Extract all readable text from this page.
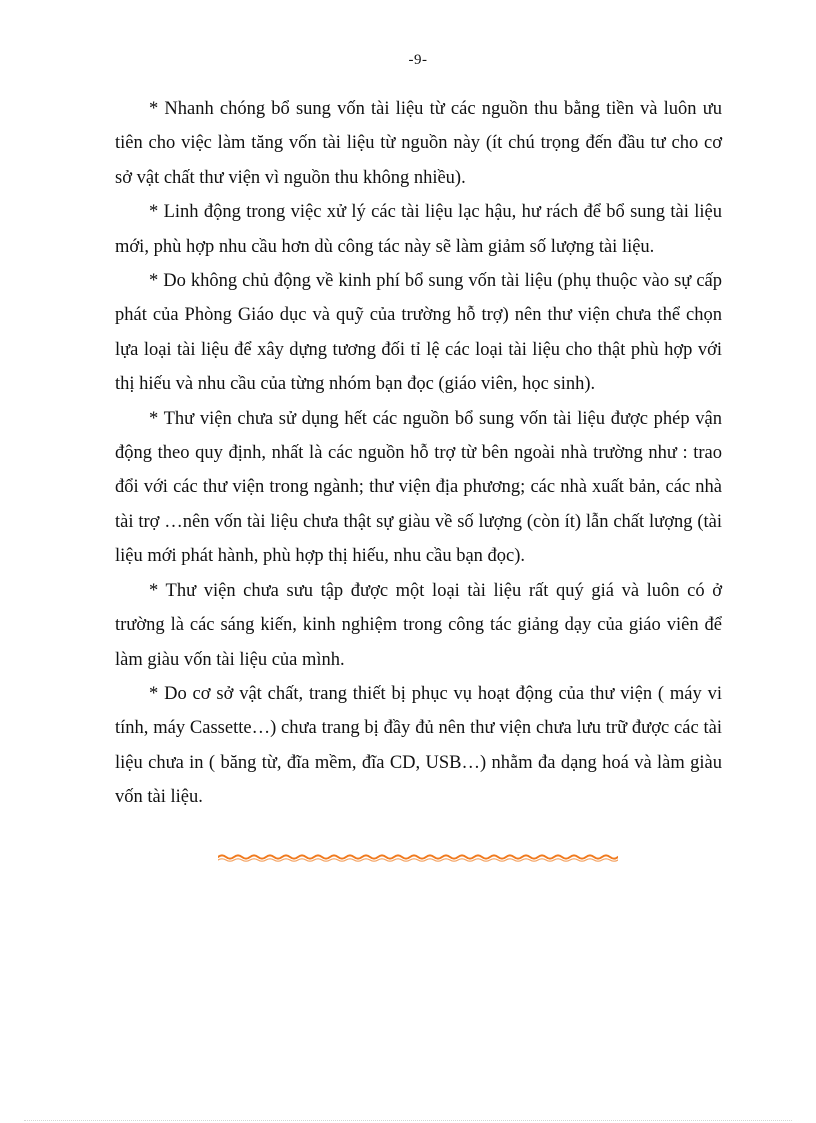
-9-

* Nhanh chóng bổ sung vốn tài liệu từ các nguồn thu bằng tiền và luôn ưu tiên cho việc làm tăng vốn tài liệu từ nguồn này (ít chú trọng đến đầu tư cho cơ sở vật chất thư viện vì nguồn thu không nhiều).

* Linh động trong việc xử lý các tài liệu lạc hậu, hư rách để bổ sung tài liệu mới, phù hợp nhu cầu hơn dù công tác này sẽ làm giảm số lượng tài liệu.

* Do không chủ động về kinh phí bổ sung vốn tài liệu (phụ thuộc vào sự cấp phát của Phòng Giáo dục và quỹ của trường hỗ trợ) nên thư viện chưa thể chọn lựa loại tài liệu để xây dựng tương đối tỉ lệ các loại tài liệu cho thật phù hợp với thị hiếu và nhu cầu của từng nhóm bạn đọc (giáo viên, học sinh).

* Thư viện chưa sử dụng hết các nguồn bổ sung vốn tài liệu được phép vận động theo quy định, nhất là các nguồn hỗ trợ từ bên ngoài nhà trường như : trao đổi với các thư viện trong ngành; thư viện địa phương; các nhà xuất bản, các nhà tài trợ …nên vốn tài liệu chưa thật sự giàu về số lượng (còn ít) lẫn chất lượng (tài liệu mới phát hành, phù hợp thị hiếu, nhu cầu bạn đọc).

* Thư viện chưa sưu tập được một loại tài liệu rất quý giá và luôn có ở trường là các sáng kiến, kinh nghiệm trong công tác giảng dạy của giáo viên để làm giàu vốn tài liệu của mình.

* Do cơ sở vật chất, trang thiết bị phục vụ hoạt động của thư viện ( máy vi tính, máy Cassette…) chưa trang bị đầy đủ nên thư viện chưa lưu trữ được các tài liệu chưa in ( băng từ, đĩa mềm, đĩa CD, USB…) nhằm đa dạng hoá và làm giàu vốn tài liệu.
